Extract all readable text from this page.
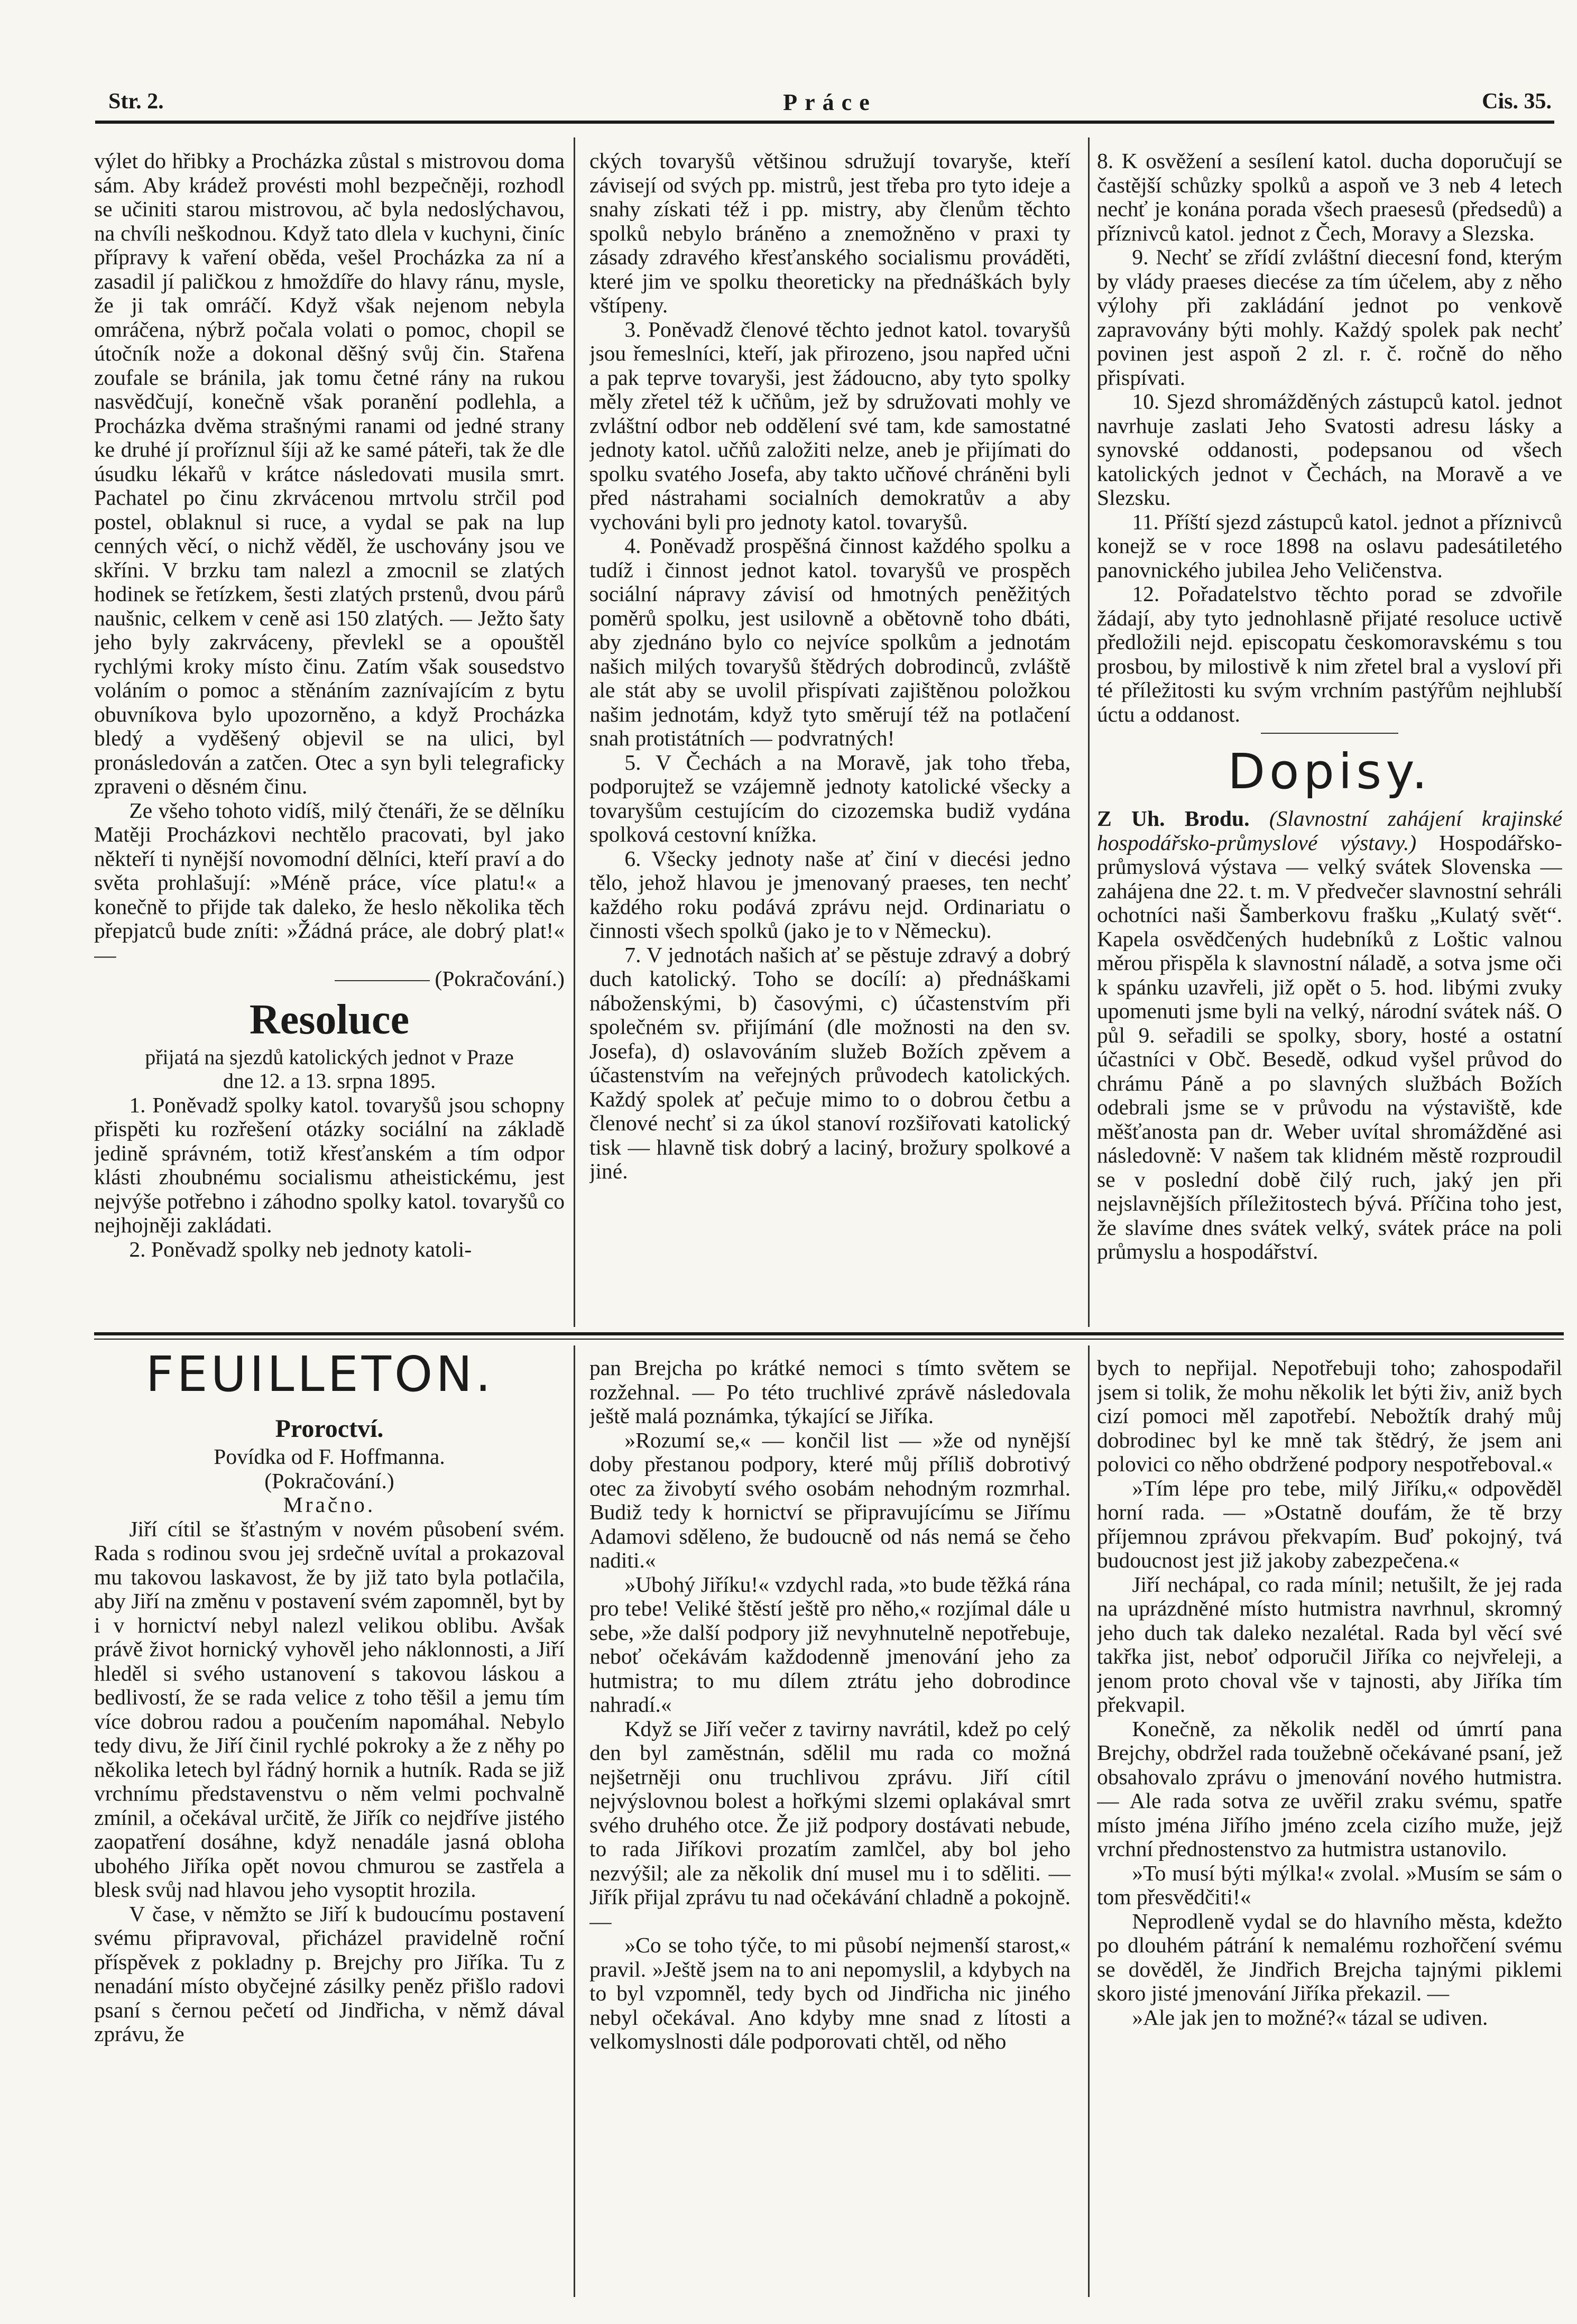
Str. 2.	Práce	Cis. 35.

výlet do hřibky a Procházka zůstal s mistrovou doma sám. Aby krádež provésti mohl bezpečněji, rozhodl se učiniti starou mistrovou, ač byla nedoslýchavou, na chvíli neškodnou. Když tato dlela v kuchyni, činíc přípravy k vaření oběda, vešel Procházka za ní a zasadil jí paličkou z hmoždíře do hlavy ránu, mysle, že ji tak omráčí. Když však nejenom nebyla omráčena, nýbrž počala volati o pomoc, chopil se útočník nože a dokonal děšný svůj čin. Stařena zoufale se bránila, jak tomu četné rány na rukou nasvědčují, konečně však poranění podlehla, a Procházka dvěma strašnými ranami od jedné strany ke druhé jí proříznul šíji až ke samé páteři, tak že dle úsudku lékařů v krátce následovati musila smrt. Pachatel po činu zkrvácenou mrtvolu strčil pod postel, oblaknul si ruce, a vydal se pak na lup cenných věcí, o nichž věděl, že uschovány jsou ve skříni. V brzku tam nalezl a zmocnil se zlatých hodinek se řetízkem, šesti zlatých prstenů, dvou párů naušnic, celkem v ceně asi 150 zlatých. — Ježto šaty jeho byly zakrváceny, převlekl se a opouštěl rychlými kroky místo činu. Zatím však sousedstvo voláním o pomoc a stěnáním zaznívajícím z bytu obuvníkova bylo upozorněno, a když Procházka bledý a vyděšený objevil se na ulici, byl pronásledován a zatčen. Otec a syn byli telegraficky zpraveni o děsném činu.

Ze všeho tohoto vidíš, milý čtenáři, že se dělníku Matěji Procházkovi nechtělo pracovati, byl jako někteří ti nynější novomodní dělníci, kteří praví a do světa prohlašují: »Méně práce, více platu!« a konečně to přijde tak daleko, že heslo několika těch přepjatců bude zníti: »Žádná práce, ale dobrý plat!« —

(Pokračování.)

Resoluce

přijatá na sjezdů katolických jednot v Praze

dne 12. a 13. srpna 1895.

1. Poněvadž spolky katol. tovaryšů jsou schopny přispěti ku rozřešení otázky sociální na základě jedině správném, totiž křesťanském a tím odpor klásti zhoubnému socialismu atheistickému, jest nejvýše potřebno i záhodno spolky katol. tovaryšů co nejhojněji zakládati.

2. Poněvadž spolky neb jednoty katoli-

ckých tovaryšů většinou sdružují tovaryše, kteří závisejí od svých pp. mistrů, jest třeba pro tyto ideje a snahy získati též i pp. mistry, aby členům těchto spolků nebylo bráněno a znemožněno v praxi ty zásady zdravého křesťanského socialismu prováděti, které jim ve spolku theoreticky na přednáškách byly vštípeny.

3. Poněvadž členové těchto jednot katol. tovaryšů jsou řemeslníci, kteří, jak přirozeno, jsou napřed učni a pak teprve tovaryši, jest žádoucno, aby tyto spolky měly zřetel též k učňům, jež by sdružovati mohly ve zvláštní odbor neb oddělení své tam, kde samostatné jednoty katol. učňů založiti nelze, aneb je přijímati do spolku svatého Josefa, aby takto učňové chráněni byli před nástrahami socialních demokratův a aby vychováni byli pro jednoty katol. tovaryšů.

4. Poněvadž prospěšná činnost každého spolku a tudíž i činnost jednot katol. tovaryšů ve prospěch sociální nápravy závisí od hmotných peněžitých poměrů spolku, jest usilovně a obětovně toho dbáti, aby zjednáno bylo co nejvíce spolkům a jednotám našich milých tovaryšů štědrých dobrodinců, zvláště ale stát aby se uvolil přispívati zajištěnou položkou našim jednotám, když tyto směrují též na potlačení snah protistátních — podvratných!

5. V Čechách a na Moravě, jak toho třeba, podporujtež se vzájemně jednoty katolické všecky a tovaryšům cestujícím do cizozemska budiž vydána spolková cestovní knížka.

6. Všecky jednoty naše ať činí v diecési jedno tělo, jehož hlavou je jmenovaný praeses, ten nechť každého roku podává zprávu nejd. Ordinariatu o činnosti všech spolků (jako je to v Německu).

7. V jednotách našich ať se pěstuje zdravý a dobrý duch katolický. Toho se docílí: a) přednáškami náboženskými, b) časovými, c) účastenstvím při společném sv. přijímání (dle možnosti na den sv. Josefa), d) oslavováním služeb Božích zpěvem a účastenstvím na veřejných průvodech katolických. Každý spolek ať pečuje mimo to o dobrou četbu a členové nechť si za úkol stanoví rozšiřovati katolický tisk — hlavně tisk dobrý a laciný, brožury spolkové a jiné.

8. K osvěžení a sesílení katol. ducha doporučují se častější schůzky spolků a aspoň ve 3 neb 4 letech nechť je konána porada všech praesesů (předsedů) a příznivců katol. jednot z Čech, Moravy a Slezska.

9. Nechť se zřídí zvláštní diecesní fond, kterým by vlády praeses diecése za tím účelem, aby z něho výlohy při zakládání jednot po venkově zapravovány býti mohly. Každý spolek pak nechť povinen jest aspoň 2 zl. r. č. ročně do něho přispívati.

10. Sjezd shromážděných zástupců katol. jednot navrhuje zaslati Jeho Svatosti adresu lásky a synovské oddanosti, podepsanou od všech katolických jednot v Čechách, na Moravě a ve Slezsku.

11. Příští sjezd zástupců katol. jednot a příznivců konejž se v roce 1898 na oslavu padesátiletého panovnického jubilea Jeho Veličenstva.

12. Pořadatelstvo těchto porad se zdvořile žádají, aby tyto jednohlasně přijaté resoluce uctivě předložili nejd. episcopatu českomoravskému s tou prosbou, by milostivě k nim zřetel bral a vysloví při té příležitosti ku svým vrchním pastýřům nejhlubší úctu a oddanost.

Dopisy.

Z Uh. Brodu. (Slavnostní zahájení krajinské hospodářsko-průmyslové výstavy.) Hospodářsko-průmyslová výstava — velký svátek Slovenska — zahájena dne 22. t. m. V předvečer slavnostní sehráli ochotníci naši Šamberkovu frašku „Kulatý svět“. Kapela osvědčených hudebníků z Loštic valnou měrou přispěla k slavnostní náladě, a sotva jsme oči k spánku uzavřeli, již opět o 5. hod. libými zvuky upomenuti jsme byli na velký, národní svátek náš. O půl 9. seřadili se spolky, sbory, hosté a ostatní účastníci v Obč. Besedě, odkud vyšel průvod do chrámu Páně a po slavných službách Božích odebrali jsme se v průvodu na výstaviště, kde měšťanosta pan dr. Weber uvítal shromážděné asi následovně: V našem tak klidném městě rozproudil se v poslední době čilý ruch, jaký jen při nejslavnějších příležitostech bývá. Příčina toho jest, že slavíme dnes svátek velký, svátek práce na poli průmyslu a hospodářství.

FEUILLETON.
Proroctví.

Povídka od F. Hoffmanna.

(Pokračování.)

Mračno.

Jiří cítil se šťastným v novém působení svém. Rada s rodinou svou jej srdečně uvítal a prokazoval mu takovou laskavost, že by již tato byla potlačila, aby Jiří na změnu v postavení svém zapomněl, byt by i v hornictví nebyl nalezl velikou oblibu. Avšak právě život hornický vyhověl jeho náklonnosti, a Jiří hleděl si svého ustanovení s takovou láskou a bedlivostí, že se rada velice z toho těšil a jemu tím více dobrou radou a poučením napomáhal. Nebylo tedy divu, že Jiří činil rychlé pokroky a že z něhy po několika letech byl řádný hornik a hutník. Rada se již vrchnímu představenstvu o něm velmi pochvalně zmínil, a očekával určitě, že Jiřík co nejdříve jistého zaopatření dosáhne, když nenadále jasná obloha ubohého Jiříka opět novou chmurou se zastřela a blesk svůj nad hlavou jeho vysoptit hrozila.

V čase, v němžto se Jiří k budoucímu postavení svému připravoval, přicházel pravidelně roční příspěvek z pokladny p. Brejchy pro Jiříka. Tu z nenadání místo obyčejné zásilky peněz přišlo radovi psaní s černou pečetí od Jindřicha, v němž dával zprávu, že

pan Brejcha po krátké nemoci s tímto světem se rozžehnal. — Po této truchlivé zprávě následovala ještě malá poznámka, týkající se Jiříka.

»Rozumí se,« — končil list — »že od nynější doby přestanou podpory, které můj příliš dobrotivý otec za živobytí svého osobám nehodným rozmrhal. Budiž tedy k hornictví se připravujícímu se Jiřímu Adamovi sděleno, že budoucně od nás nemá se čeho naditi.«

»Ubohý Jiříku!« vzdychl rada, »to bude těžká rána pro tebe! Veliké štěstí ještě pro něho,« rozjímal dále u sebe, »že další podpory již nevyhnutelně nepotřebuje, neboť očekávám každodenně jmenování jeho za hutmistra; to mu dílem ztrátu jeho dobrodince nahradí.«

Když se Jiří večer z tavirny navrátil, kdež po celý den byl zaměstnán, sdělil mu rada co možná nejšetrněji onu truchlivou zprávu. Jiří cítil nejvýslovnou bolest a hořkými slzemi oplakával smrt svého druhého otce. Že již podpory dostávati nebude, to rada Jiříkovi prozatím zamlčel, aby bol jeho nezvýšil; ale za několik dní musel mu i to sděliti. — Jiřík přijal zprávu tu nad očekávání chladně a pokojně. —

»Co se toho týče, to mi působí nejmenší starost,« pravil. »Ještě jsem na to ani nepomyslil, a kdybych na to byl vzpomněl, tedy bych od Jindřicha nic jiného nebyl očekával. Ano kdyby mne snad z lítosti a velkomyslnosti dále podporovati chtěl, od něho

bych to nepřijal. Nepotřebuji toho; zahospodařil jsem si tolik, že mohu několik let býti živ, aniž bych cizí pomoci měl zapotřebí. Nebožtík drahý můj dobrodinec byl ke mně tak štědrý, že jsem ani polovici co něho obdržené podpory nespotřeboval.«

»Tím lépe pro tebe, milý Jiříku,« odpověděl horní rada. — »Ostatně doufám, že tě brzy příjemnou zprávou překvapím. Buď pokojný, tvá budoucnost jest již jakoby zabezpečena.«

Jiří nechápal, co rada mínil; netušilt, že jej rada na uprázdněné místo hutmistra navrhnul, skromný jeho duch tak daleko nezalétal. Rada byl věcí své takřka jist, neboť odporučil Jiříka co nejvřeleji, a jenom proto choval vše v tajnosti, aby Jiříka tím překvapil.

Konečně, za několik neděl od úmrtí pana Brejchy, obdržel rada toužebně očekávané psaní, jež obsahovalo zprávu o jmenování nového hutmistra. — Ale rada sotva ze uvěřil zraku svému, spatře místo jména Jiřího jméno zcela cizího muže, jejž vrchní přednostenstvo za hutmistra ustanovilo.

»To musí býti mýlka!« zvolal. »Musím se sám o tom přesvědčiti!«

Neprodleně vydal se do hlavního města, kdežto po dlouhém pátrání k nemalému rozhořčení svému se dověděl, že Jindřich Brejcha tajnými piklemi skoro jisté jmenování Jiříka překazil. —

»Ale jak jen to možné?« tázal se udiven.
